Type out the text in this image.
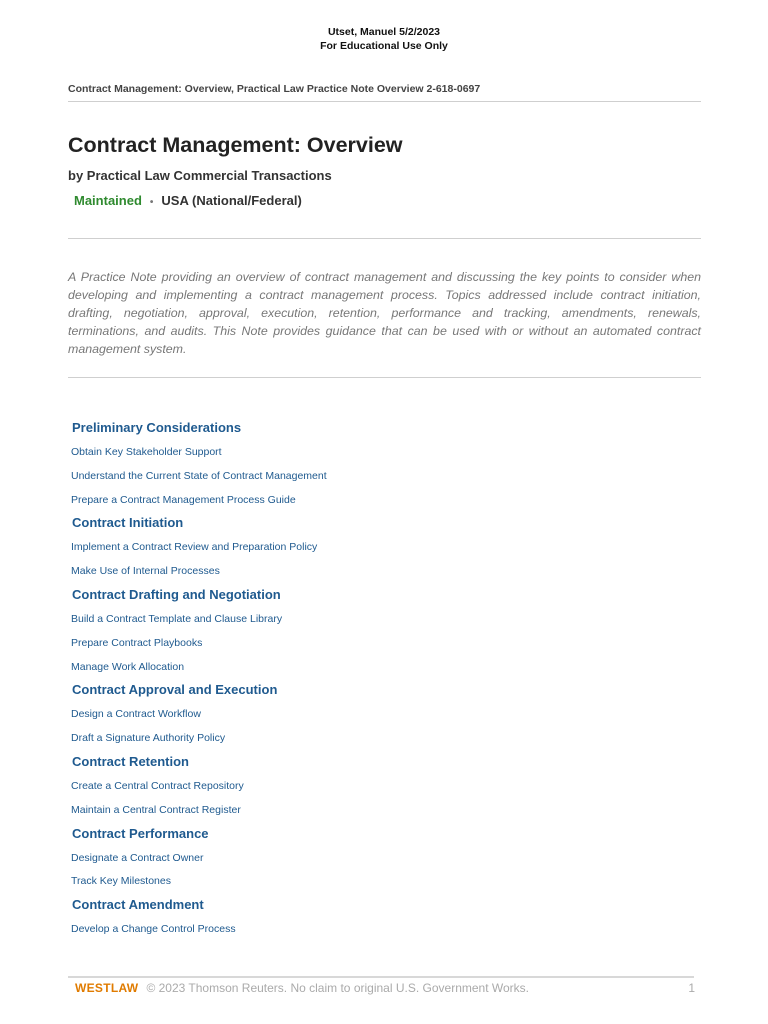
Utset, Manuel 5/2/2023
For Educational Use Only
Contract Management: Overview, Practical Law Practice Note Overview 2-618-0697
Contract Management: Overview
by Practical Law Commercial Transactions
Maintained • USA (National/Federal)
A Practice Note providing an overview of contract management and discussing the key points to consider when developing and implementing a contract management process. Topics addressed include contract initiation, drafting, negotiation, approval, execution, retention, performance and tracking, amendments, renewals, terminations, and audits. This Note provides guidance that can be used with or without an automated contract management system.
Preliminary Considerations
Obtain Key Stakeholder Support
Understand the Current State of Contract Management
Prepare a Contract Management Process Guide
Contract Initiation
Implement a Contract Review and Preparation Policy
Make Use of Internal Processes
Contract Drafting and Negotiation
Build a Contract Template and Clause Library
Prepare Contract Playbooks
Manage Work Allocation
Contract Approval and Execution
Design a Contract Workflow
Draft a Signature Authority Policy
Contract Retention
Create a Central Contract Repository
Maintain a Central Contract Register
Contract Performance
Designate a Contract Owner
Track Key Milestones
Contract Amendment
Develop a Change Control Process
WESTLAW © 2023 Thomson Reuters. No claim to original U.S. Government Works.	1
